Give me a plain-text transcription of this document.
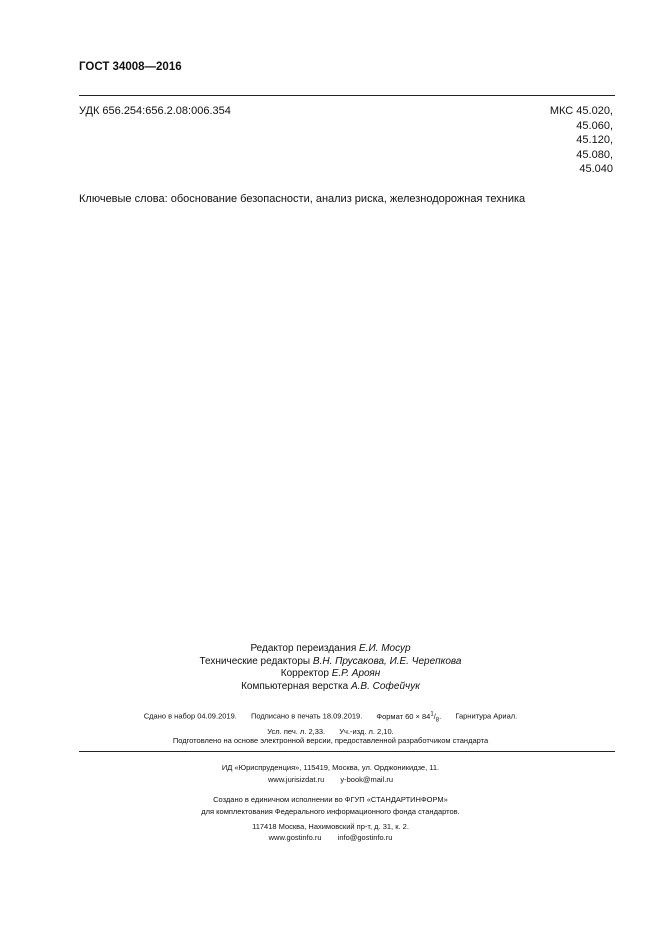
ГОСТ 34008—2016
УДК 656.254:656.2.08:006.354	МКС 45.020,
45.060,
45.120,
45.080,
45.040
Ключевые слова: обоснование безопасности, анализ риска, железнодорожная техника
Редактор переиздания Е.И. Мосур
Технические редакторы В.Н. Прусакова, И.Е. Черепкова
Корректор Е.Р. Ароян
Компьютерная верстка А.В. Софейчук
Сдано в набор 04.09.2019. Подписано в печать 18.09.2019. Формат $60 \times 84^1/_8$. Гарнитура Ариал.
Усл. печ. л. 2,33. Уч.-изд. л. 2,10.
Подготовлено на основе электронной версии, предоставленной разработчиком стандарта
ИД «Юриспруденция», 115419, Москва, ул. Орджоникидзе, 11.
www.jurisizdat.ru y-book@mail.ru
Создано в единичном исполнении во ФГУП «СТАНДАРТИНФОРМ»
для комплектования Федерального информационного фонда стандартов.
117418 Москва, Нахимовский пр-т, д. 31, к. 2.
www.gostinfo.ru info@gostinfo.ru
